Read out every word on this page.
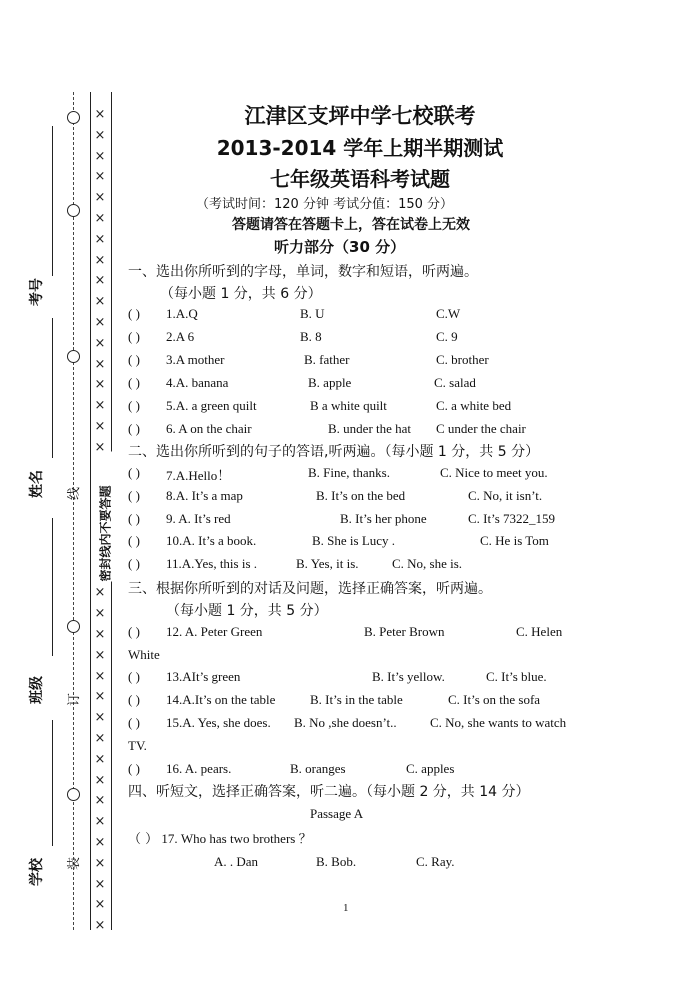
线
订
装
密封线内不要答题
×
×
×
×
×
×
×
×
×
×
×
×
×
×
×
×
×
×
×
×
×
×
×
×
×
×
×
×
×
×
×
×
×
×
考号
姓名
班级
学校
江津区支坪中学七校联考
2013-2014 学年上期半期测试
七年级英语科考试题
（考试时间：120 分钟 考试分值：150 分）
答题请答在答题卡上，答在试卷上无效
听力部分（30 分）
一、选出你所听到的字母，单词，数字和短语，听两遍。
（每小题 1 分，共 6 分）
二、选出你所听到的句子的答语,听两遍。（每小题 1 分，共 5 分）
三、根据你所听到的对话及问题，选择正确答案，听两遍。
（每小题 1 分，共 5 分）
四、听短文，选择正确答案，听二遍。（每小题 2 分，共 14 分）
Passage A
( ) 1.A.Q	B. U	C.W
( ) 2.A 6	B. 8	C. 9
( ) 3.A mother	B. father	C. brother
( ) 4.A. banana	B. apple	C. salad
( ) 5.A. a green quilt	B a white quilt	C. a white bed
( ) 6. A on the chair	B. under the hat C under the chair
( ) 7.A.Hello！	B. Fine, thanks.	C. Nice to meet you.
( ) 8.A. It’s a map	B. It’s on the bed	C. No, it isn’t.
( ) 9. A. It’s red	B. It’s her phone	C. It’s 7322_159
( ) 10.A. It’s a book.	B. She is Lucy .	C. He is Tom
( ) 11.A.Yes, this is .	B. Yes, it is.	C. No, she is.
( ) 12. A. Peter Green	B. Peter Brown	C. Helen
White
( ) 13.AIt’s green	B. It’s yellow.	C. It’s blue.
( ) 14.A.It’s on the table	B. It’s in the table	C. It’s on the sofa
( ) 15.A. Yes, she does. B. No ,she doesn’t..	C. No, she wants to watch
TV.
( ) 16. A. pears.	B. oranges	C. apples
（ ） 17. Who has two brothers ？
A. . Dan	B. Bob.	C. Ray.
1
